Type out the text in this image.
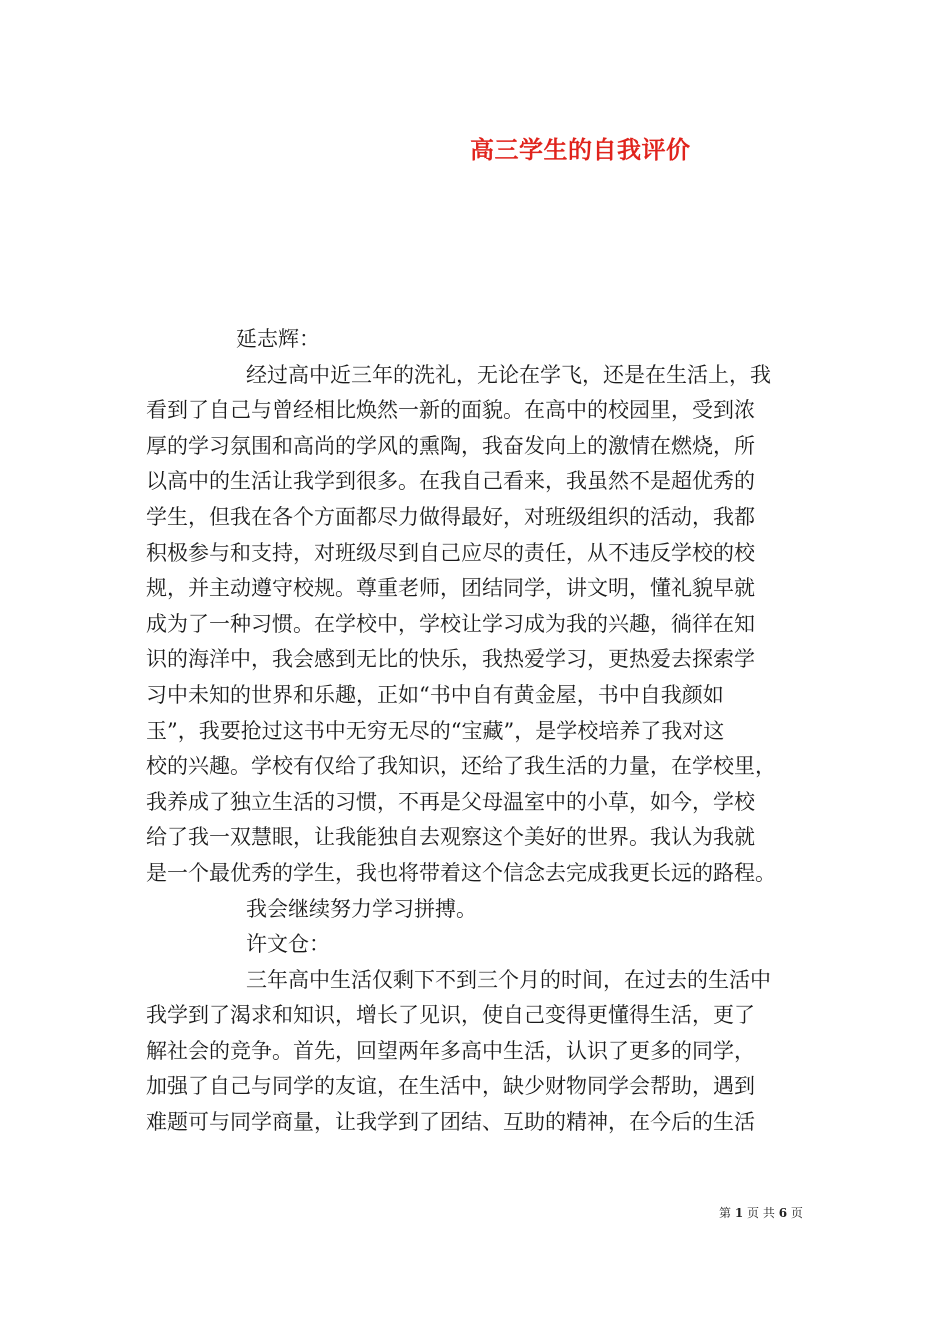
高三学生的自我评价
延志辉：
经过高中近三年的洗礼，无论在学飞，还是在生活上，我
看到了自己与曾经相比焕然一新的面貌。在高中的校园里，受到浓
厚的学习氛围和高尚的学风的熏陶，我奋发向上的激情在燃烧，所
以高中的生活让我学到很多。在我自己看来，我虽然不是超优秀的
学生，但我在各个方面都尽力做得最好，对班级组织的活动，我都
积极参与和支持，对班级尽到自己应尽的责任，从不违反学校的校
规，并主动遵守校规。尊重老师，团结同学，讲文明，懂礼貌早就
成为了一种习惯。在学校中，学校让学习成为我的兴趣，徜徉在知
识的海洋中，我会感到无比的快乐，我热爱学习，更热爱去探索学
习中未知的世界和乐趣，正如“书中自有黄金屋，书中自我颜如
玉”，我要抢过这书中无穷无尽的“宝藏”，是学校培养了我对这
校的兴趣。学校有仅给了我知识，还给了我生活的力量，在学校里，
我养成了独立生活的习惯，不再是父母温室中的小草，如今，学校
给了我一双慧眼，让我能独自去观察这个美好的世界。我认为我就
是一个最优秀的学生，我也将带着这个信念去完成我更长远的路程。
我会继续努力学习拼搏。
许文仓：
三年高中生活仅剩下不到三个月的时间，在过去的生活中
我学到了渴求和知识，增长了见识，使自己变得更懂得生活，更了
解社会的竞争。首先，回望两年多高中生活，认识了更多的同学，
加强了自己与同学的友谊，在生活中，缺少财物同学会帮助，遇到
难题可与同学商量，让我学到了团结、互助的精神，在今后的生活
第 1 页 共 6 页
